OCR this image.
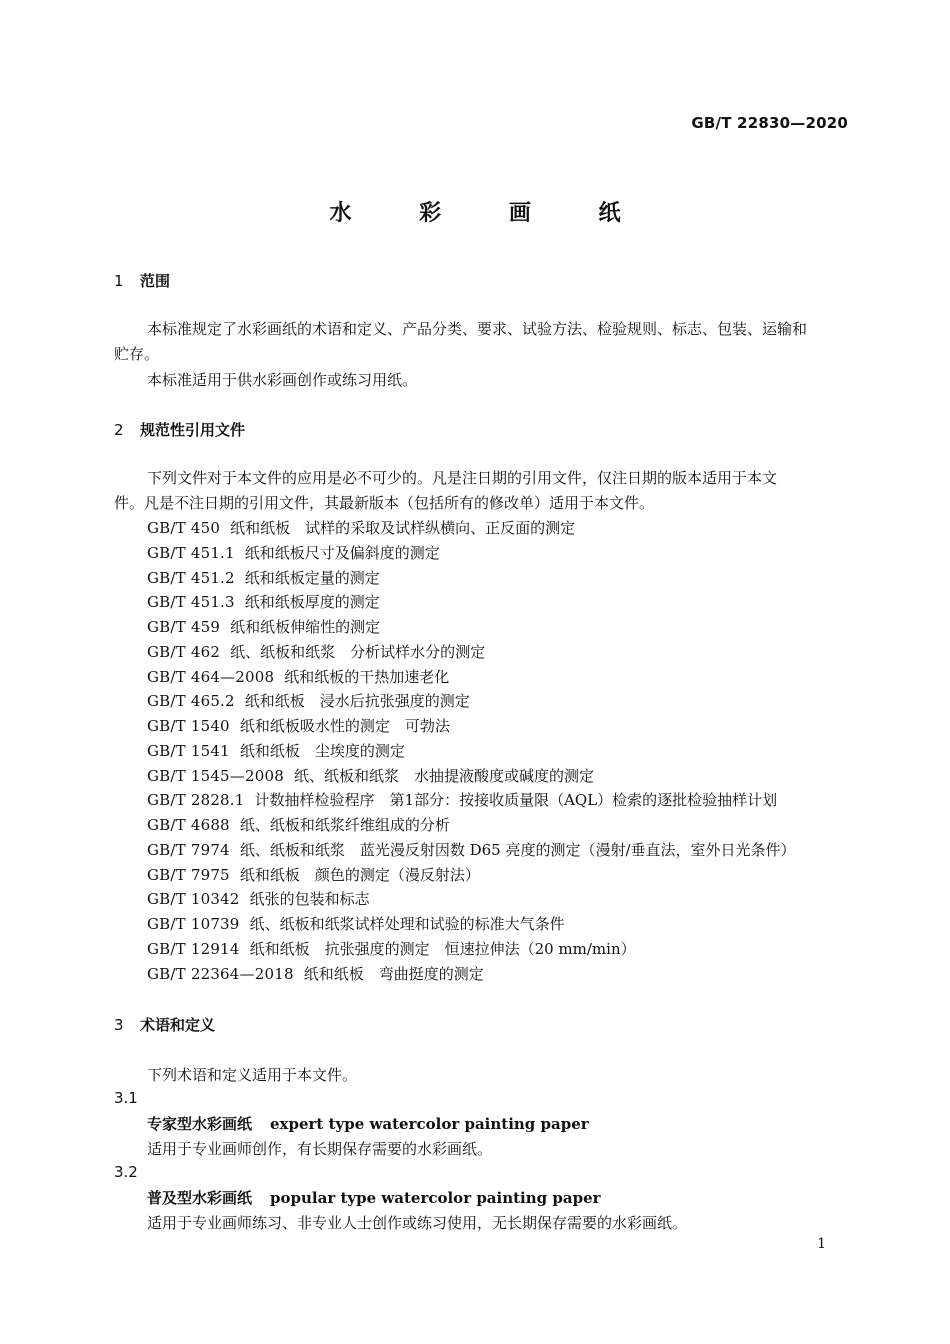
GB/T 22830—2020
水 彩 画 纸
1 范围
本标准规定了水彩画纸的术语和定义、产品分类、要求、试验方法、检验规则、标志、包装、运输和
贮存。
本标准适用于供水彩画创作或练习用纸。
2 规范性引用文件
下列文件对于本文件的应用是必不可少的。凡是注日期的引用文件，仅注日期的版本适用于本文
件。凡是不注日期的引用文件，其最新版本（包括所有的修改单）适用于本文件。
GB/T 450 纸和纸板　试样的采取及试样纵横向、正反面的测定
GB/T 451.1 纸和纸板尺寸及偏斜度的测定
GB/T 451.2 纸和纸板定量的测定
GB/T 451.3 纸和纸板厚度的测定
GB/T 459 纸和纸板伸缩性的测定
GB/T 462 纸、纸板和纸浆　分析试样水分的测定
GB/T 464—2008 纸和纸板的干热加速老化
GB/T 465.2 纸和纸板　浸水后抗张强度的测定
GB/T 1540 纸和纸板吸水性的测定　可勃法
GB/T 1541 纸和纸板　尘埃度的测定
GB/T 1545—2008 纸、纸板和纸浆　水抽提液酸度或碱度的测定
GB/T 2828.1 计数抽样检验程序　第1部分：按接收质量限（AQL）检索的逐批检验抽样计划
GB/T 4688 纸、纸板和纸浆纤维组成的分析
GB/T 7974 纸、纸板和纸浆　蓝光漫反射因数 D65 亮度的测定（漫射/垂直法，室外日光条件）
GB/T 7975 纸和纸板　颜色的测定（漫反射法）
GB/T 10342 纸张的包装和标志
GB/T 10739 纸、纸板和纸浆试样处理和试验的标准大气条件
GB/T 12914 纸和纸板　抗张强度的测定　恒速拉伸法（20 mm/min）
GB/T 22364—2018 纸和纸板　弯曲挺度的测定
3 术语和定义
下列术语和定义适用于本文件。
3.1
专家型水彩画纸 expert type watercolor painting paper
适用于专业画师创作，有长期保存需要的水彩画纸。
3.2
普及型水彩画纸 popular type watercolor painting paper
适用于专业画师练习、非专业人士创作或练习使用，无长期保存需要的水彩画纸。
1
